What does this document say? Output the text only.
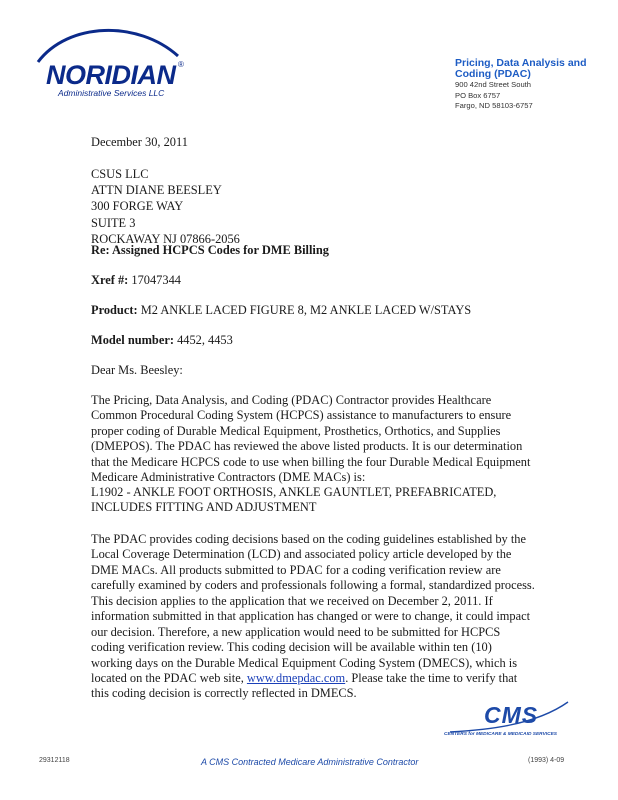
NORIDIAN ®
Administrative Services LLC
Pricing, Data Analysis and Coding (PDAC)
900 42nd Street South
PO Box 6757
Fargo, ND 58103-6757
December 30, 2011
CSUS LLC
ATTN DIANE BEESLEY
300 FORGE WAY
SUITE 3
ROCKAWAY NJ 07866-2056
Re: Assigned HCPCS Codes for DME Billing
Xref #: 17047344
Product: M2 ANKLE LACED FIGURE 8, M2 ANKLE LACED W/STAYS
Model number: 4452, 4453
Dear Ms. Beesley:
The Pricing, Data Analysis, and Coding (PDAC) Contractor provides Healthcare
Common Procedural Coding System (HCPCS) assistance to manufacturers to ensure
proper coding of Durable Medical Equipment, Prosthetics, Orthotics, and Supplies
(DMEPOS). The PDAC has reviewed the above listed products. It is our determination
that the Medicare HCPCS code to use when billing the four Durable Medical Equipment
Medicare Administrative Contractors (DME MACs) is:
L1902 - ANKLE FOOT ORTHOSIS, ANKLE GAUNTLET, PREFABRICATED,
INCLUDES FITTING AND ADJUSTMENT
The PDAC provides coding decisions based on the coding guidelines established by the
Local Coverage Determination (LCD) and associated policy article developed by the
DME MACs. All products submitted to PDAC for a coding verification review are
carefully examined by coders and professionals following a formal, standardized process.
This decision applies to the application that we received on December 2, 2011. If
information submitted in that application has changed or were to change, it could impact
our decision. Therefore, a new application would need to be submitted for HCPCS
coding verification review. This coding decision will be available within ten (10)
working days on the Durable Medical Equipment Coding System (DMECS), which is
located on the PDAC web site, www.dmepdac.com. Please take the time to verify that
this coding decision is correctly reflected in DMECS.
CMS
CENTERS for MEDICARE & MEDICAID SERVICES
29312118	A CMS Contracted Medicare Administrative Contractor	(1993) 4-09
